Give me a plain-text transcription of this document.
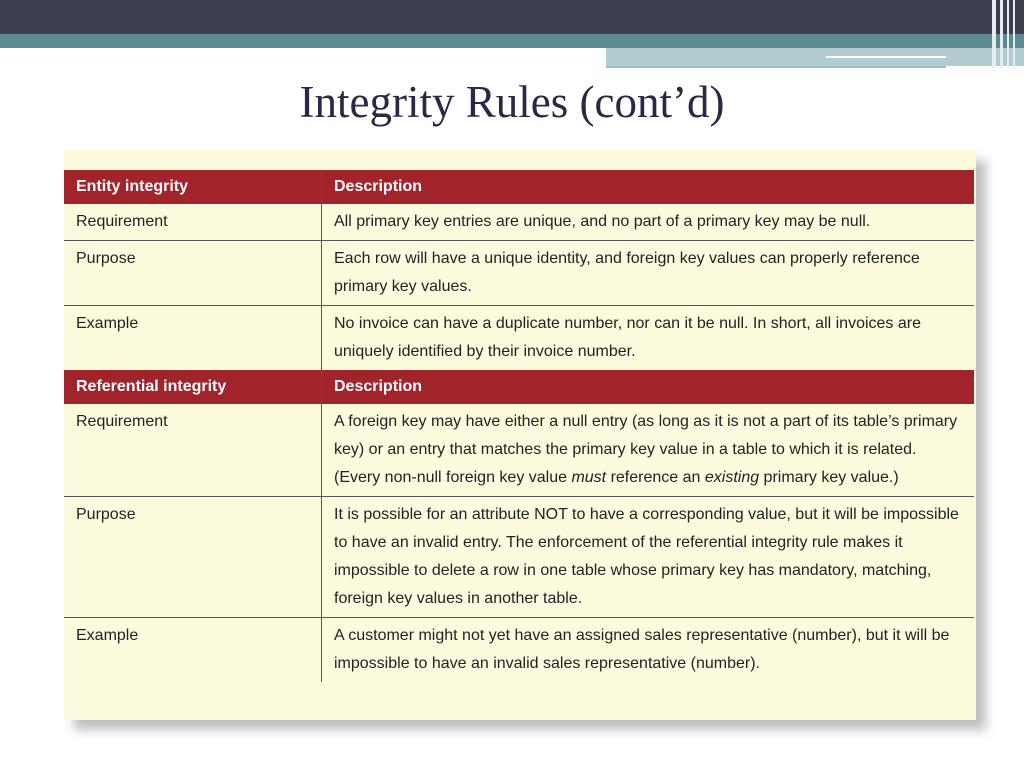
Integrity Rules (cont’d)
Entity integrity	Description
Requirement	All primary key entries are unique, and no part of a primary key may be null.
Purpose	Each row will have a unique identity, and foreign key values can properly reference primary key values.
Example	No invoice can have a duplicate number, nor can it be null. In short, all invoices are uniquely identified by their invoice number.
Referential integrity	Description
Requirement	A foreign key may have either a null entry (as long as it is not a part of its table’s primary key) or an entry that matches the primary key value in a table to which it is related. (Every non-null foreign key value must reference an existing primary key value.)
Purpose	It is possible for an attribute NOT to have a corresponding value, but it will be impossible to have an invalid entry. The enforcement of the referential integrity rule makes it impossible to delete a row in one table whose primary key has mandatory, matching, foreign key values in another table.
Example	A customer might not yet have an assigned sales representative (number), but it will be impossible to have an invalid sales representative (number).
